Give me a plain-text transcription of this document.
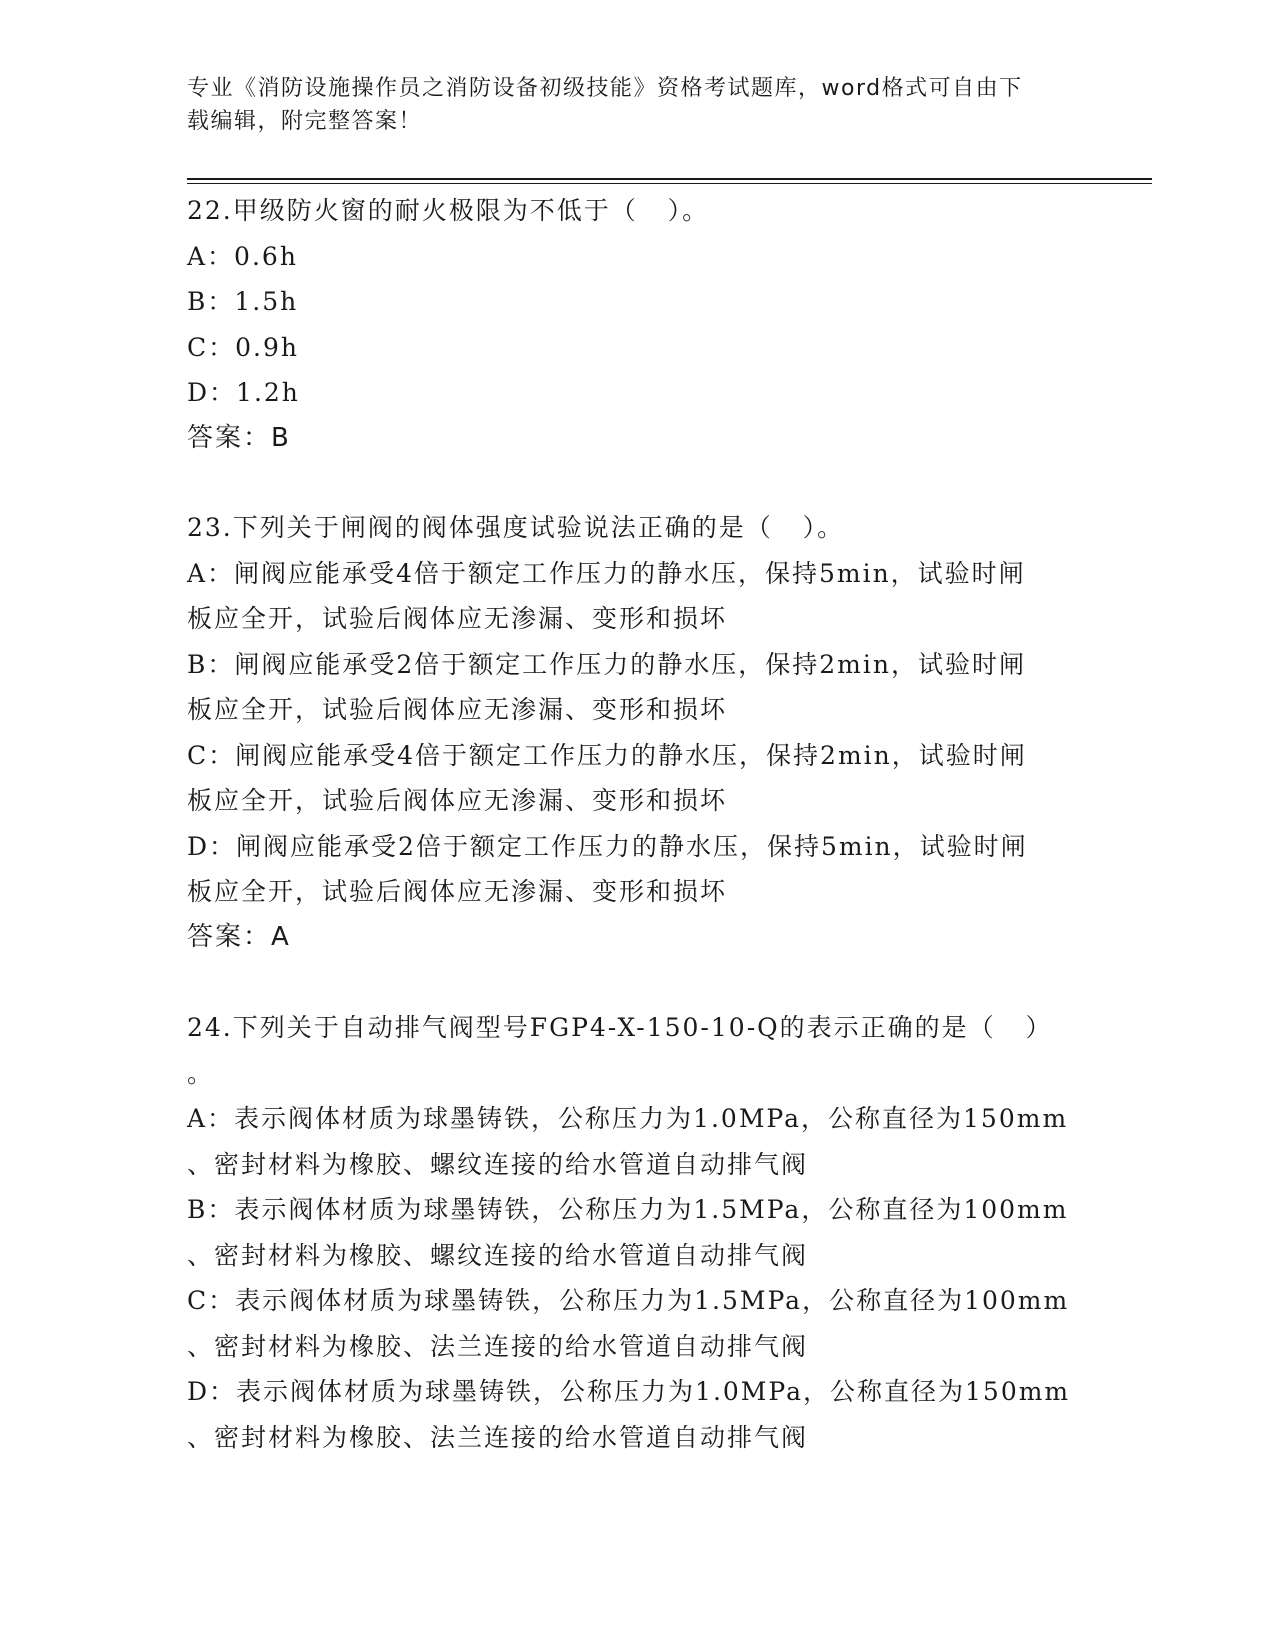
专业《消防设施操作员之消防设备初级技能》资格考试题库，word格式可自由下
载编辑，附完整答案！
22.甲级防火窗的耐火极限为不低于（   ）。
A：0.6h
B：1.5h
C：0.9h
D：1.2h
答案：B
23.下列关于闸阀的阀体强度试验说法正确的是（   ）。
A：闸阀应能承受4倍于额定工作压力的静水压，保持5min，试验时闸
板应全开，试验后阀体应无渗漏、变形和损坏
B：闸阀应能承受2倍于额定工作压力的静水压，保持2min，试验时闸
板应全开，试验后阀体应无渗漏、变形和损坏
C：闸阀应能承受4倍于额定工作压力的静水压，保持2min，试验时闸
板应全开，试验后阀体应无渗漏、变形和损坏
D：闸阀应能承受2倍于额定工作压力的静水压，保持5min，试验时闸
板应全开，试验后阀体应无渗漏、变形和损坏
答案：A
24.下列关于自动排气阀型号FGP4-X-150-10-Q的表示正确的是（   ）
。
A：表示阀体材质为球墨铸铁，公称压力为1.0MPa，公称直径为150mm
、密封材料为橡胶、螺纹连接的给水管道自动排气阀
B：表示阀体材质为球墨铸铁，公称压力为1.5MPa，公称直径为100mm
、密封材料为橡胶、螺纹连接的给水管道自动排气阀
C：表示阀体材质为球墨铸铁，公称压力为1.5MPa，公称直径为100mm
、密封材料为橡胶、法兰连接的给水管道自动排气阀
D：表示阀体材质为球墨铸铁，公称压力为1.0MPa，公称直径为150mm
、密封材料为橡胶、法兰连接的给水管道自动排气阀
